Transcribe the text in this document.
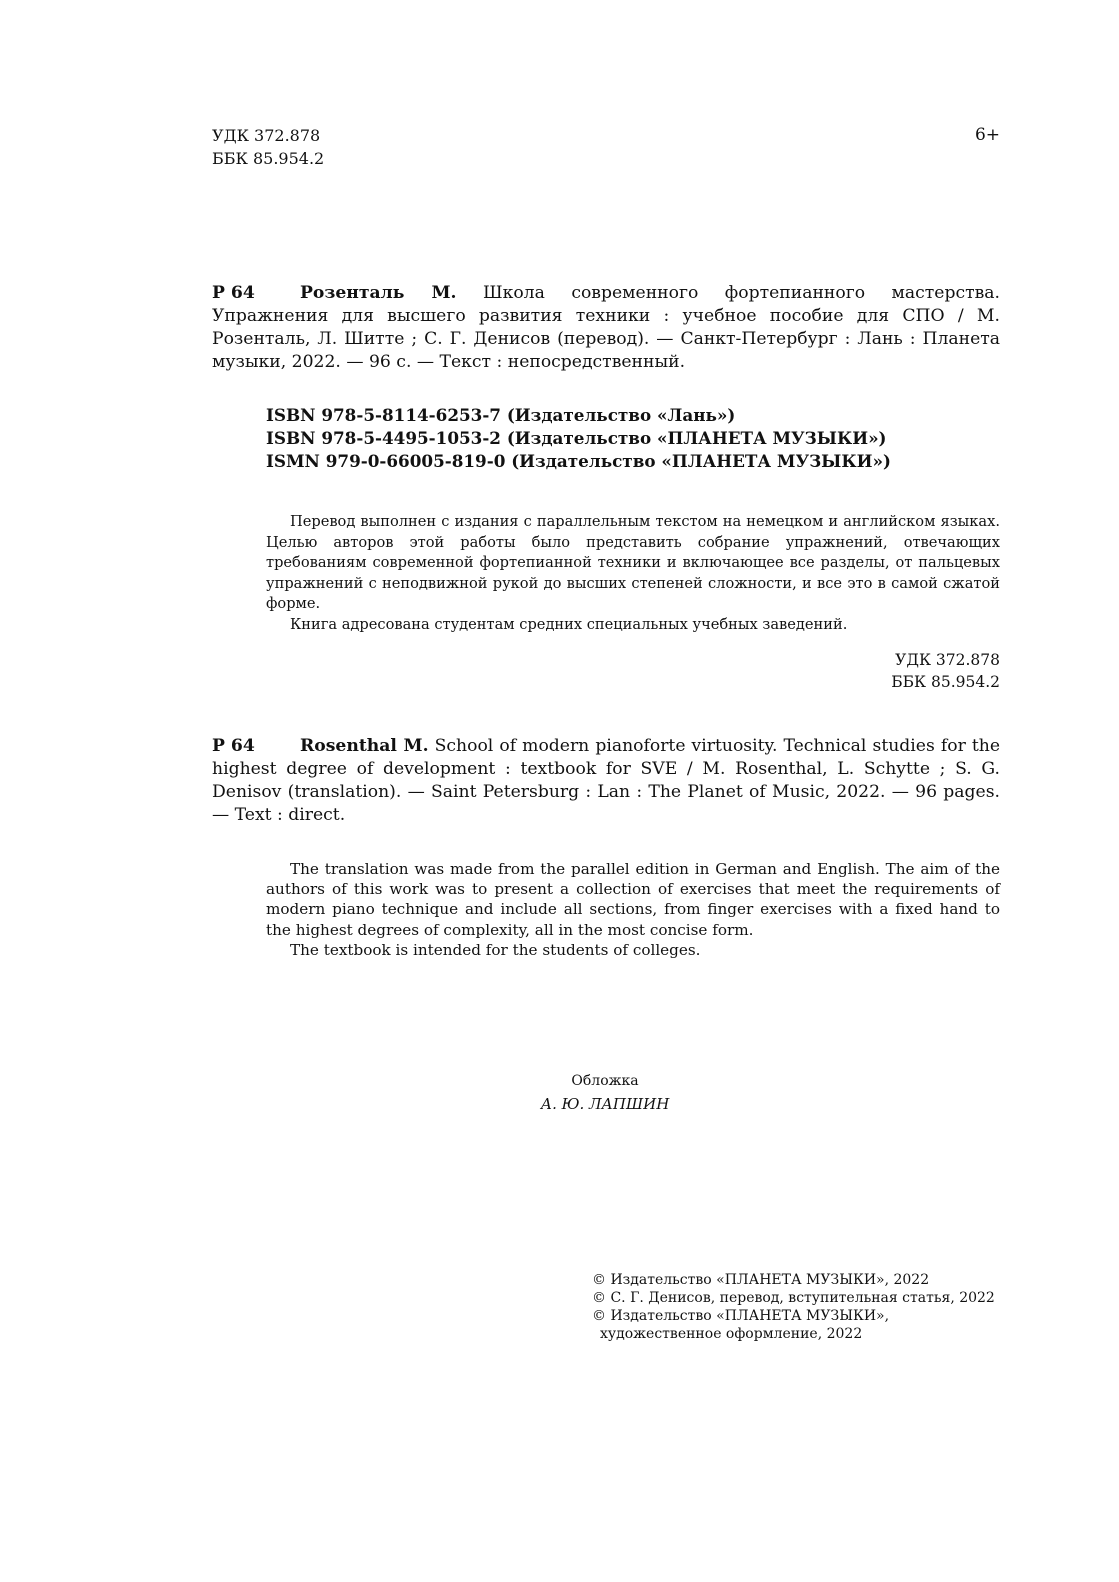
УДК 372.878
ББК 85.954.2
6+
Р 64	Розенталь М. Школа современного фортепианного мастерства. Упражнения для высшего развития техники : учебное пособие для СПО / М. Розенталь, Л. Шитте ; С. Г. Денисов (перевод). — Санкт-Петербург : Лань : Планета музыки, 2022. — 96 с. — Текст : непосредственный.

ISBN 978-5-8114-6253-7 (Издательство «Лань»)
ISBN 978-5-4495-1053-2 (Издательство «ПЛАНЕТА МУЗЫКИ»)
ISMN 979-0-66005-819-0 (Издательство «ПЛАНЕТА МУЗЫКИ»)

Перевод выполнен с издания с параллельным текстом на немецком и английском языках. Целью авторов этой работы было представить собрание упражнений, отвечающих требованиям современной фортепианной техники и включающее все разделы, от пальцевых упражнений с неподвижной рукой до высших степеней сложности, и все это в самой сжатой форме.

Книга адресована студентам средних специальных учебных заведений.

УДК 372.878
ББК 85.954.2
Р 64	Rosenthal M. School of modern pianoforte virtuosity. Technical studies for the highest degree of development : textbook for SVE / M. Rosenthal, L. Schytte ; S. G. Denisov (translation). — Saint Petersburg : Lan : The Planet of Music, 2022. — 96 pages. — Text : direct.

The translation was made from the parallel edition in German and English. The aim of the authors of this work was to present a collection of exercises that meet the requirements of modern piano technique and include all sections, from finger exercises with a fixed hand to the highest degrees of complexity, all in the most concise form.

The textbook is intended for the students of colleges.

Обложка
А. Ю. ЛАПШИН
© Издательство «ПЛАНЕТА МУЗЫКИ», 2022
© С. Г. Денисов, перевод, вступительная статья, 2022
© Издательство «ПЛАНЕТА МУЗЫКИ»,
художественное оформление, 2022
